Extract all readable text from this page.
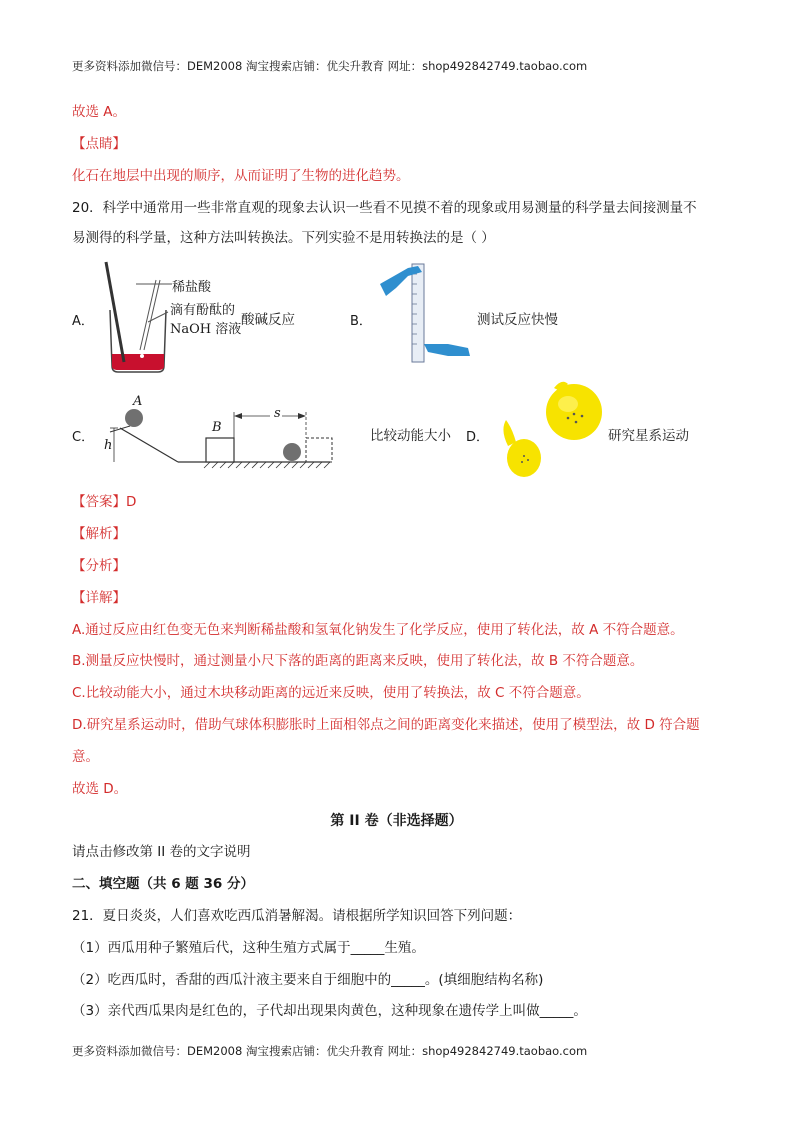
更多资料添加微信号：DEM2008 淘宝搜索店铺：优尖升教育 网址：shop492842749.taobao.com
故选 A。
【点睛】
化石在地层中出现的顺序，从而证明了生物的进化趋势。
20．科学中通常用一些非常直观的现象去认识一些看不见摸不着的现象或用易测量的科学量去间接测量不
易测得的科学量，这种方法叫转换法。下列实验不是用转换法的是（ ）
A．
稀盐酸
滴有酚酞的
NaOH 溶液
酸碱反应	B．	测试反应快慢
C．
A
B
h
s
比较动能大小 D．	研究星系运动
【答案】D
【解析】
【分析】
【详解】
A.通过反应由红色变无色来判断稀盐酸和氢氧化钠发生了化学反应，使用了转化法，故 A 不符合题意。
B.测量反应快慢时，通过测量小尺下落的距离的距离来反映，使用了转化法，故 B 不符合题意。
C.比较动能大小，通过木块移动距离的远近来反映，使用了转换法，故 C 不符合题意。
D.研究星系运动时，借助气球体积膨胀时上面相邻点之间的距离变化来描述，使用了模型法，故 D 符合题
意。
故选 D。
第 II 卷（非选择题）
请点击修改第 II 卷的文字说明
二、填空题（共 6 题 36 分）
21．夏日炎炎，人们喜欢吃西瓜消暑解渴。请根据所学知识回答下列问题：
（1）西瓜用种子繁殖后代，这种生殖方式属于_____生殖。
（2）吃西瓜时，香甜的西瓜汁液主要来自于细胞中的_____。(填细胞结构名称)
（3）亲代西瓜果肉是红色的，子代却出现果肉黄色，这种现象在遗传学上叫做_____。
更多资料添加微信号：DEM2008 淘宝搜索店铺：优尖升教育 网址：shop492842749.taobao.com
